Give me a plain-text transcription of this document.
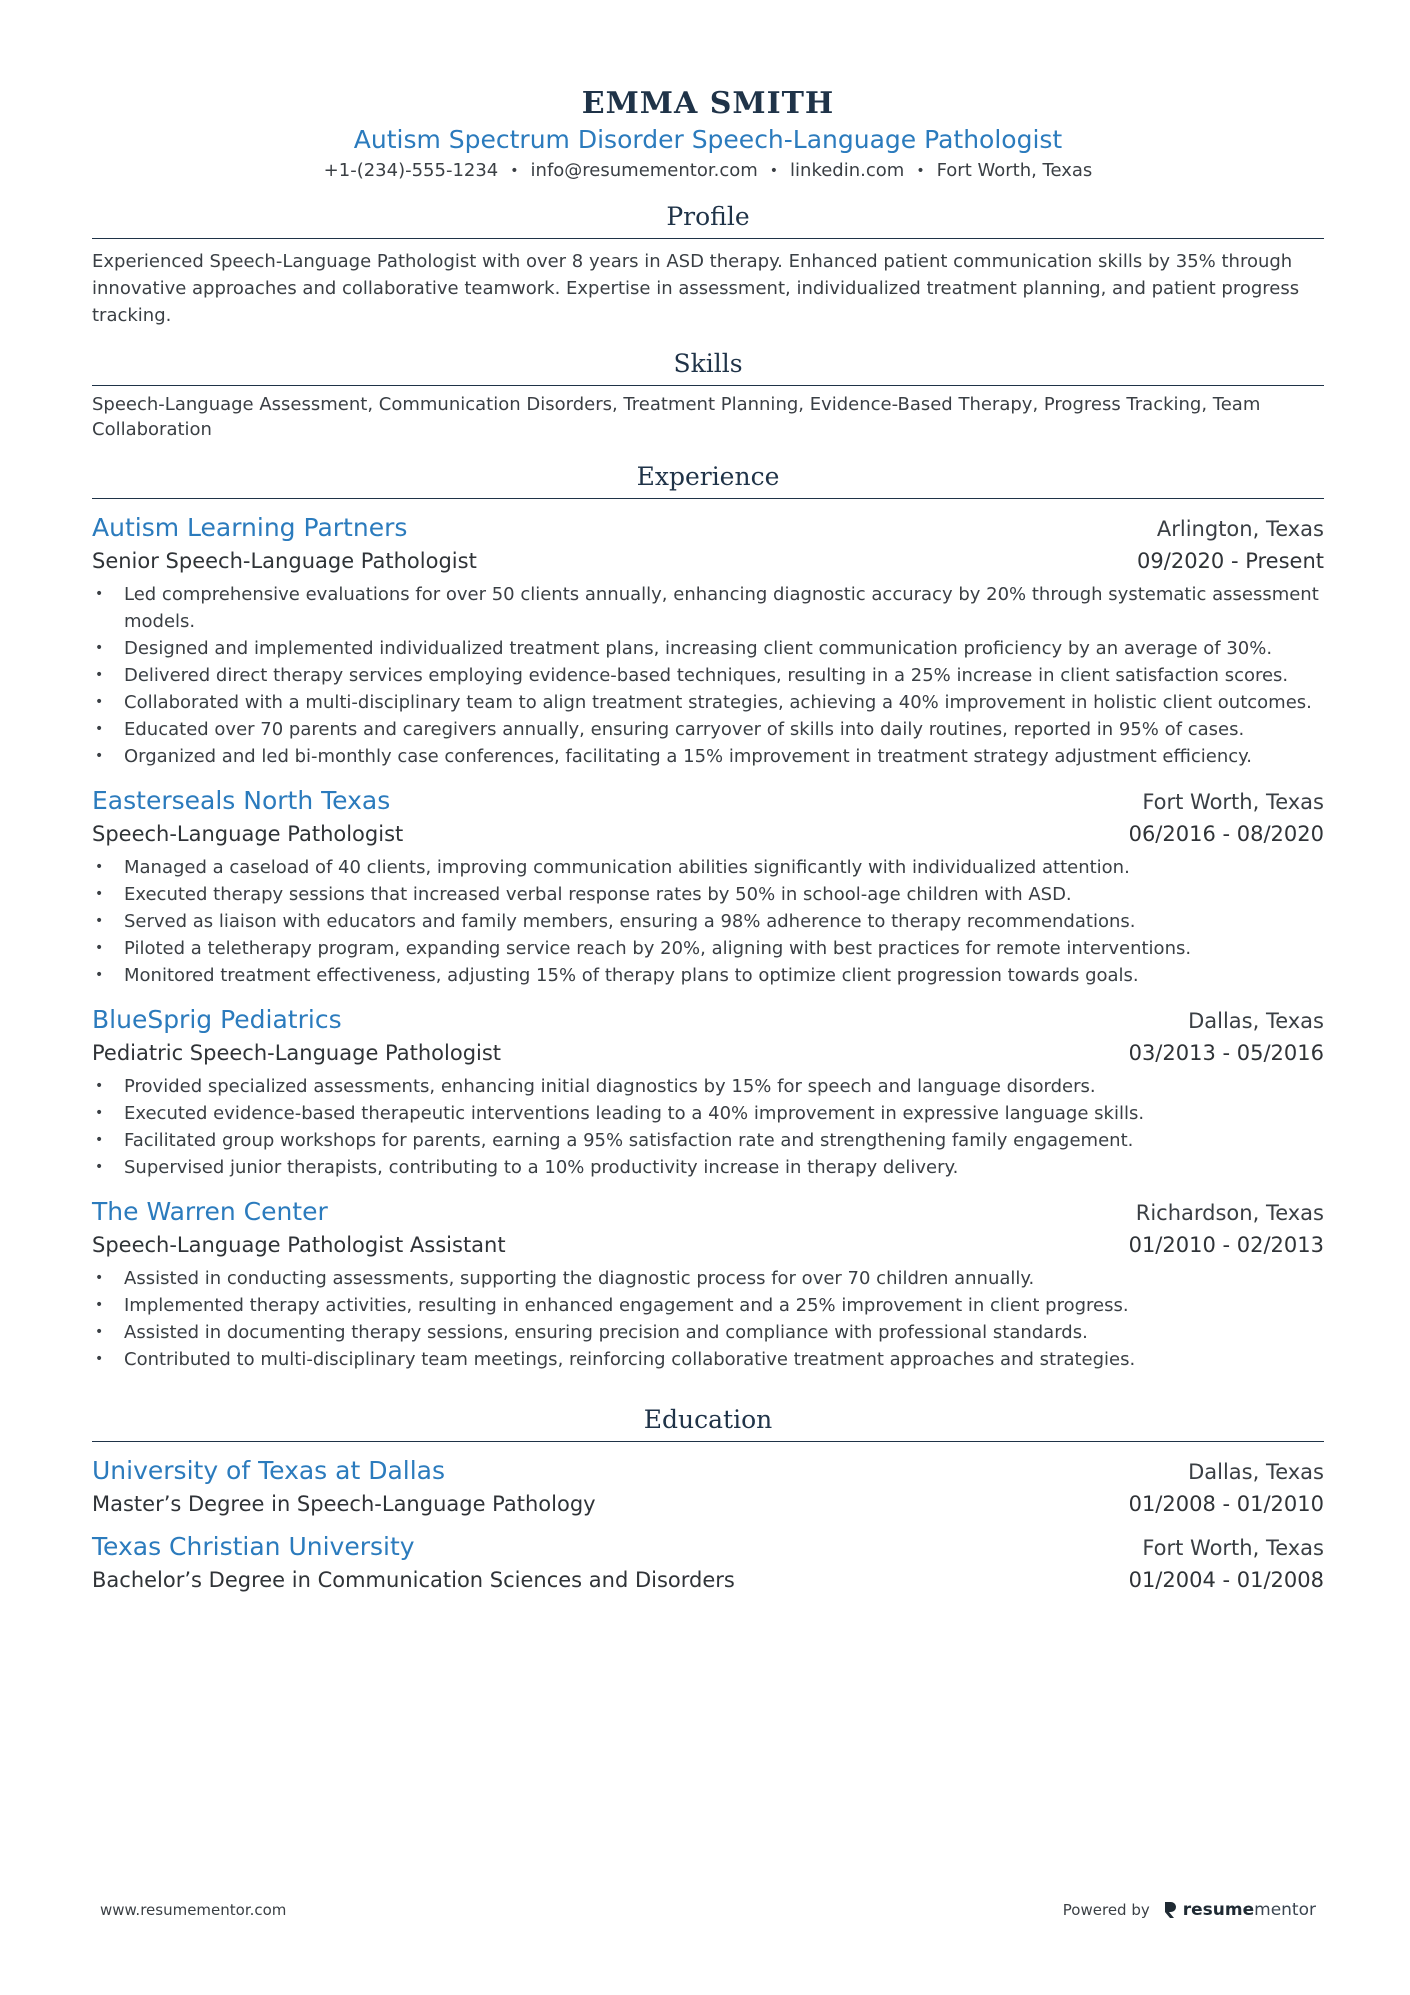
EMMA SMITH
Autism Spectrum Disorder Speech-Language Pathologist
+1-(234)-555-1234 • info@resumementor.com • linkedin.com • Fort Worth, Texas
Profile
Experienced Speech-Language Pathologist with over 8 years in ASD therapy. Enhanced patient communication skills by 35% through innovative approaches and collaborative teamwork. Expertise in assessment, individualized treatment planning, and patient progress tracking.
Skills
Speech-Language Assessment, Communication Disorders, Treatment Planning, Evidence-Based Therapy, Progress Tracking, Team Collaboration
Experience
Autism Learning Partners	Arlington, Texas
Senior Speech-Language Pathologist	09/2020 - Present
• Led comprehensive evaluations for over 50 clients annually, enhancing diagnostic accuracy by 20% through systematic assessment models.
• Designed and implemented individualized treatment plans, increasing client communication proficiency by an average of 30%.
• Delivered direct therapy services employing evidence-based techniques, resulting in a 25% increase in client satisfaction scores.
• Collaborated with a multi-disciplinary team to align treatment strategies, achieving a 40% improvement in holistic client outcomes.
• Educated over 70 parents and caregivers annually, ensuring carryover of skills into daily routines, reported in 95% of cases.
• Organized and led bi-monthly case conferences, facilitating a 15% improvement in treatment strategy adjustment efficiency.
Easterseals North Texas	Fort Worth, Texas
Speech-Language Pathologist	06/2016 - 08/2020
• Managed a caseload of 40 clients, improving communication abilities significantly with individualized attention.
• Executed therapy sessions that increased verbal response rates by 50% in school-age children with ASD.
• Served as liaison with educators and family members, ensuring a 98% adherence to therapy recommendations.
• Piloted a teletherapy program, expanding service reach by 20%, aligning with best practices for remote interventions.
• Monitored treatment effectiveness, adjusting 15% of therapy plans to optimize client progression towards goals.
BlueSprig Pediatrics	Dallas, Texas
Pediatric Speech-Language Pathologist	03/2013 - 05/2016
• Provided specialized assessments, enhancing initial diagnostics by 15% for speech and language disorders.
• Executed evidence-based therapeutic interventions leading to a 40% improvement in expressive language skills.
• Facilitated group workshops for parents, earning a 95% satisfaction rate and strengthening family engagement.
• Supervised junior therapists, contributing to a 10% productivity increase in therapy delivery.
The Warren Center	Richardson, Texas
Speech-Language Pathologist Assistant	01/2010 - 02/2013
• Assisted in conducting assessments, supporting the diagnostic process for over 70 children annually.
• Implemented therapy activities, resulting in enhanced engagement and a 25% improvement in client progress.
• Assisted in documenting therapy sessions, ensuring precision and compliance with professional standards.
• Contributed to multi-disciplinary team meetings, reinforcing collaborative treatment approaches and strategies.
Education
University of Texas at Dallas	Dallas, Texas
Master’s Degree in Speech-Language Pathology	01/2008 - 01/2010
Texas Christian University	Fort Worth, Texas
Bachelor’s Degree in Communication Sciences and Disorders	01/2004 - 01/2008
www.resumementor.com	Powered by resume mentor
